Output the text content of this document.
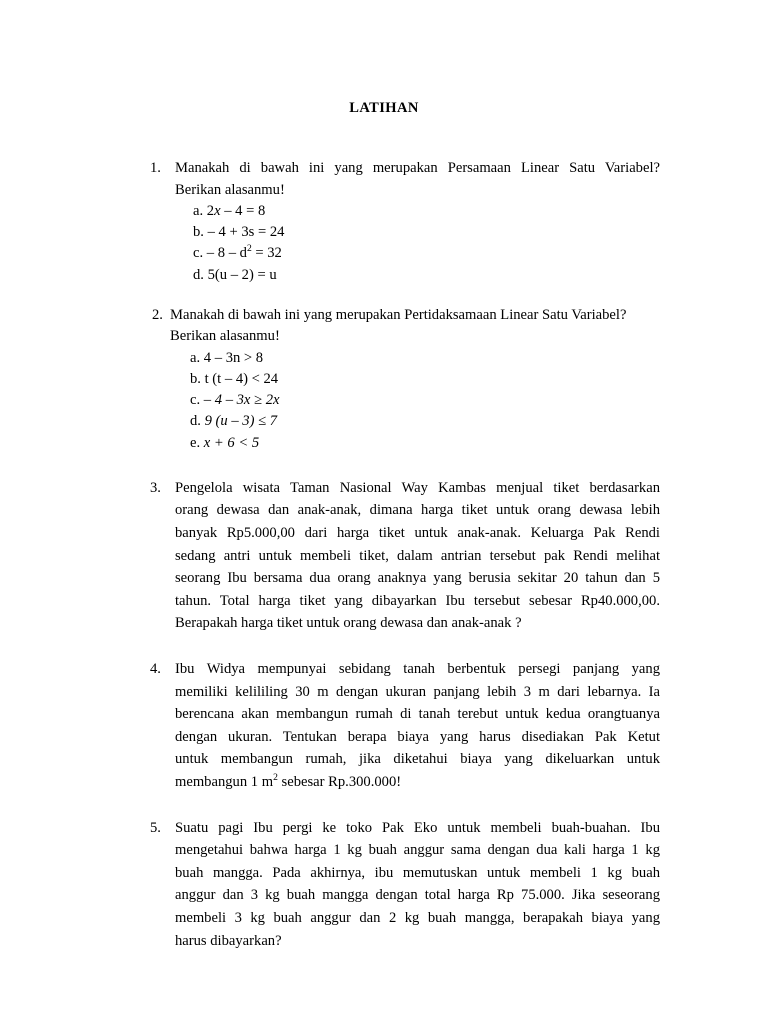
LATIHAN
1. Manakah di bawah ini yang merupakan Persamaan Linear Satu Variabel?
Berikan alasanmu!
a. 2x – 4 = 8
b. – 4 + 3s = 24
c. – $8 - d^2 = 32$
d. 5(u – 2) = u
2. Manakah di bawah ini yang merupakan Pertidaksamaan Linear Satu Variabel?
Berikan alasanmu!
a. 4 – 3n > 8
b. t (t – 4) < 24
c. – 4 – 3x ≥ 2x
d. 9 (u – 3) ≤ 7
e. x + 6 < 5
3. Pengelola wisata Taman Nasional Way Kambas menjual tiket berdasarkan
orang dewasa dan anak-anak, dimana harga tiket untuk orang dewasa lebih
banyak Rp5.000,00 dari harga tiket untuk anak-anak. Keluarga Pak Rendi
sedang antri untuk membeli tiket, dalam antrian tersebut pak Rendi melihat
seorang Ibu bersama dua orang anaknya yang berusia sekitar 20 tahun dan 5
tahun. Total harga tiket yang dibayarkan Ibu tersebut sebesar Rp40.000,00.
Berapakah harga tiket untuk orang dewasa dan anak-anak ?
4. Ibu Widya mempunyai sebidang tanah berbentuk persegi panjang yang
memiliki kelililing 30 m dengan ukuran panjang lebih 3 m dari lebarnya. Ia
berencana akan membangun rumah di tanah terebut untuk kedua orangtuanya
dengan ukuran. Tentukan berapa biaya yang harus disediakan Pak Ketut
untuk membangun rumah, jika diketahui biaya yang dikeluarkan untuk
membangun 1 $m^2$ sebesar Rp.300.000!
5. Suatu pagi Ibu pergi ke toko Pak Eko untuk membeli buah-buahan. Ibu
mengetahui bahwa harga 1 kg buah anggur sama dengan dua kali harga 1 kg
buah mangga. Pada akhirnya, ibu memutuskan untuk membeli 1 kg buah
anggur dan 3 kg buah mangga dengan total harga Rp 75.000. Jika seseorang
membeli 3 kg buah anggur dan 2 kg buah mangga, berapakah biaya yang
harus dibayarkan?
